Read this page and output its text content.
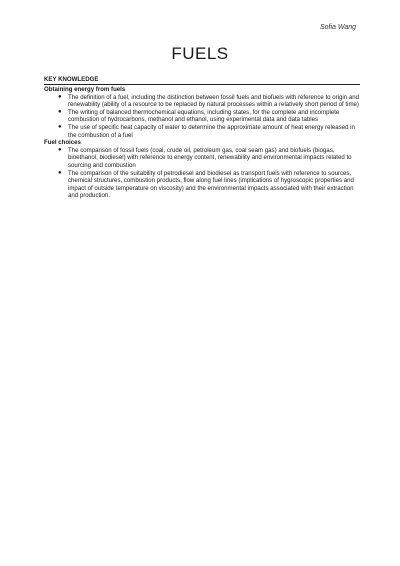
Sofia Wang
FUELS
KEY KNOWLEDGE
Obtaining energy from fuels
● The definition of a fuel, including the distinction between fossil fuels and biofuels with reference to origin and renewability (ability of a resource to be replaced by natural processes within a relatively short period of time)
● The writing of balanced thermochemical equations, including states, for the complete and incomplete combustion of hydrocarbons, methanol and ethanol, using experimental data and data tables
● The use of specific heat capacity of water to determine the approximate amount of heat energy released in the combustion of a fuel
Fuel choices
● The comparison of fossil fuels (coal, crude oil, petroleum gas, coal seam gas) and biofuels (biogas, bioethanol, biodiesel) with reference to energy content, renewability and environmental impacts related to sourcing and combustion
● The comparison of the suitability of petrodiesel and biodiesel as transport fuels with reference to sources, chemical structures, combustion products, flow along fuel lines (implications of hygroscopic properties and impact of outside temperature on viscosity) and the environmental impacts associated with their extraction and production.
